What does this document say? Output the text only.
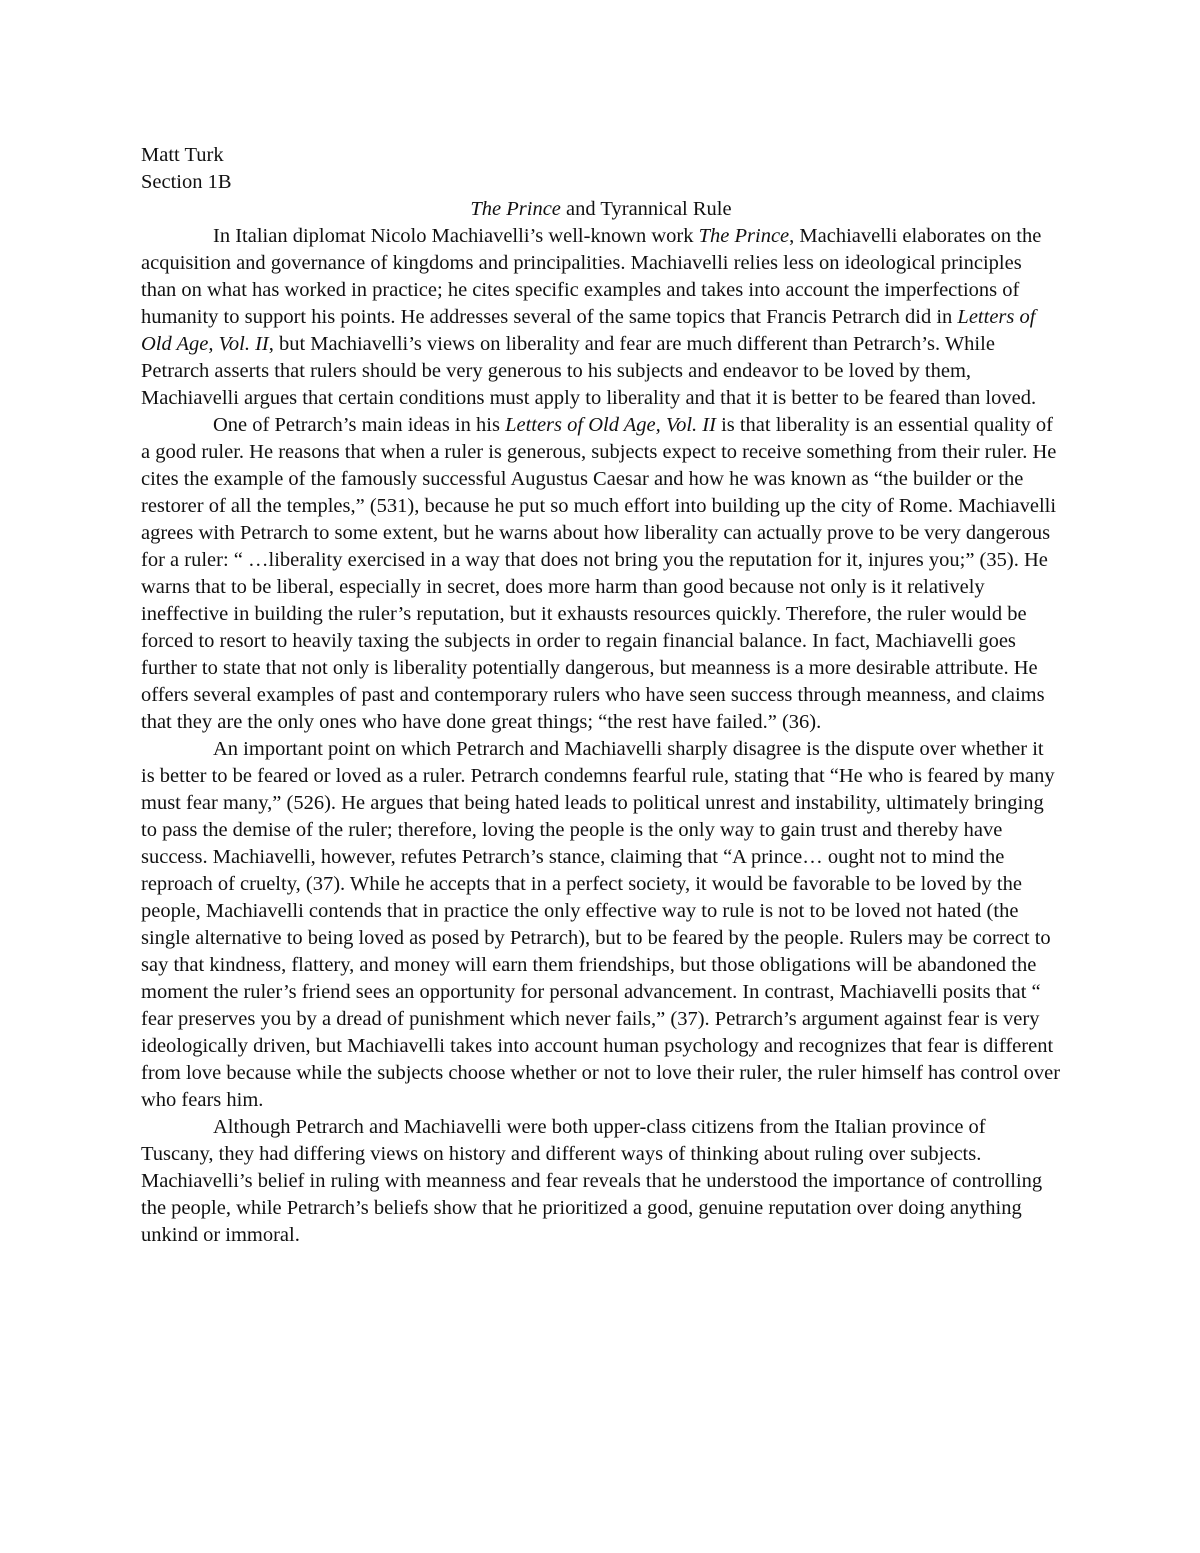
Matt Turk

Section 1B

The Prince and Tyrannical Rule

In Italian diplomat Nicolo Machiavelli’s well-known work The Prince, Machiavelli elaborates on the acquisition and governance of kingdoms and principalities. Machiavelli relies less on ideological principles than on what has worked in practice; he cites specific examples and takes into account the imperfections of humanity to support his points. He addresses several of the same topics that Francis Petrarch did in Letters of Old Age, Vol. II, but Machiavelli’s views on liberality and fear are much different than Petrarch’s. While Petrarch asserts that rulers should be very generous to his subjects and endeavor to be loved by them, Machiavelli argues that certain conditions must apply to liberality and that it is better to be feared than loved.

One of Petrarch’s main ideas in his Letters of Old Age, Vol. II is that liberality is an essential quality of a good ruler. He reasons that when a ruler is generous, subjects expect to receive something from their ruler. He cites the example of the famously successful Augustus Caesar and how he was known as “the builder or the restorer of all the temples,” (531), because he put so much effort into building up the city of Rome. Machiavelli agrees with Petrarch to some extent, but he warns about how liberality can actually prove to be very dangerous for a ruler: “ …liberality exercised in a way that does not bring you the reputation for it, injures you;” (35). He warns that to be liberal, especially in secret, does more harm than good because not only is it relatively ineffective in building the ruler’s reputation, but it exhausts resources quickly. Therefore, the ruler would be forced to resort to heavily taxing the subjects in order to regain financial balance. In fact, Machiavelli goes further to state that not only is liberality potentially dangerous, but meanness is a more desirable attribute. He offers several examples of past and contemporary rulers who have seen success through meanness, and claims that they are the only ones who have done great things; “the rest have failed.” (36).

An important point on which Petrarch and Machiavelli sharply disagree is the dispute over whether it is better to be feared or loved as a ruler. Petrarch condemns fearful rule, stating that “He who is feared by many must fear many,” (526). He argues that being hated leads to political unrest and instability, ultimately bringing to pass the demise of the ruler; therefore, loving the people is the only way to gain trust and thereby have success. Machiavelli, however, refutes Petrarch’s stance, claiming that “A prince… ought not to mind the reproach of cruelty, (37). While he accepts that in a perfect society, it would be favorable to be loved by the people, Machiavelli contends that in practice the only effective way to rule is not to be loved not hated (the single alternative to being loved as posed by Petrarch), but to be feared by the people. Rulers may be correct to say that kindness, flattery, and money will earn them friendships, but those obligations will be abandoned the moment the ruler’s friend sees an opportunity for personal advancement. In contrast, Machiavelli posits that “ fear preserves you by a dread of punishment which never fails,” (37). Petrarch’s argument against fear is very ideologically driven, but Machiavelli takes into account human psychology and recognizes that fear is different from love because while the subjects choose whether or not to love their ruler, the ruler himself has control over who fears him.

Although Petrarch and Machiavelli were both upper-class citizens from the Italian province of Tuscany, they had differing views on history and different ways of thinking about ruling over subjects. Machiavelli’s belief in ruling with meanness and fear reveals that he understood the importance of controlling the people, while Petrarch’s beliefs show that he prioritized a good, genuine reputation over doing anything unkind or immoral.
